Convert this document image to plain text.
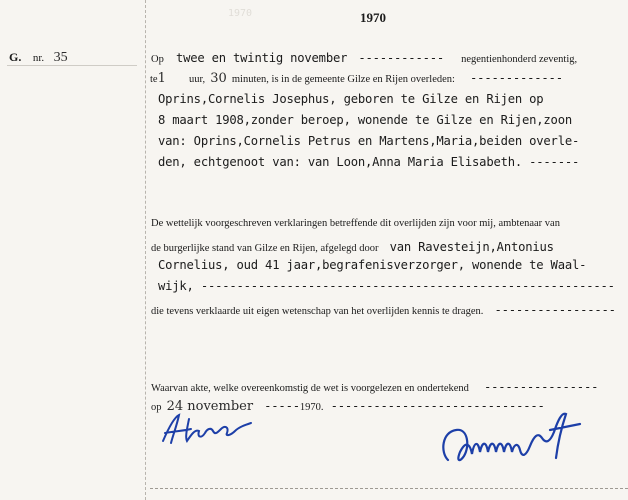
1970	1970
G. nr. 35	Op twee en twintig november ------------ negentienhonderd zeventig,
te1 uur, 30 minuten, is in de gemeente Gilze en Rijen overleden: -------------
Oprins,Cornelis Josephus, geboren te Gilze en Rijen op
8 maart 1908,zonder beroep, wonende te Gilze en Rijen,zoon
van: Oprins,Cornelis Petrus en Martens,Maria,beiden overle-
den, echtgenoot van: van Loon,Anna Maria Elisabeth. -------
De wettelijk voorgeschreven verklaringen betreffende dit overlijden zijn voor mij, ambtenaar van
de burgerlijke stand van Gilze en Rijen, afgelegd door van Ravesteijn,Antonius
Cornelius, oud 41 jaar,begrafenisverzorger, wonende te Waal-
wijk, ----------------------------------------------------------
die tevens verklaarde uit eigen wetenschap van het overlijden kennis te dragen. -----------------
Waarvan akte, welke overeenkomstig de wet is voorgelezen en ondertekend ----------------
op 24 november -----1970. ------------------------------
